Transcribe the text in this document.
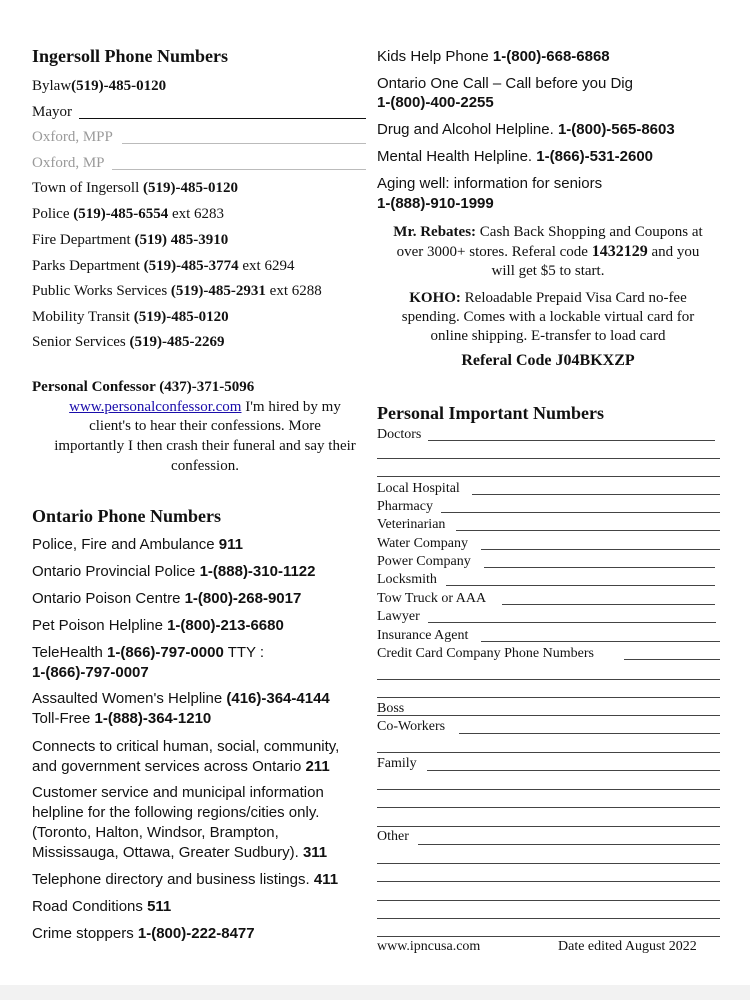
Ingersoll Phone Numbers
Bylaw(519)-485-0120
Mayor
Oxford, MPP
Oxford, MP
Town of Ingersoll (519)-485-0120
Police (519)-485-6554 ext 6283
Fire Department (519) 485-3910
Parks Department (519)-485-3774 ext 6294
Public Works Services (519)-485-2931 ext 6288
Mobility Transit (519)-485-0120
Senior Services (519)-485-2269
Personal Confessor (437)-371-5096
www.personalconfessor.com I'm hired by my
client's to hear their confessions. More
importantly I then crash their funeral and say their
confession.
Ontario Phone Numbers
Police, Fire and Ambulance 911
Ontario Provincial Police 1-(888)-310-1122
Ontario Poison Centre 1-(800)-268-9017
Pet Poison Helpline 1-(800)-213-6680
TeleHealth 1-(866)-797-0000 TTY :
1-(866)-797-0007
Assaulted Women's Helpline (416)-364-4144
Toll-Free 1-(888)-364-1210
Connects to critical human, social, community,
and government services across Ontario 211
Customer service and municipal information
helpline for the following regions/cities only.
(Toronto, Halton, Windsor, Brampton,
Mississauga, Ottawa, Greater Sudbury). 311
Telephone directory and business listings. 411
Road Conditions 511
Crime stoppers 1-(800)-222-8477
Kids Help Phone 1-(800)-668-6868
Ontario One Call – Call before you Dig
1-(800)-400-2255
Drug and Alcohol Helpline. 1-(800)-565-8603
Mental Health Helpline. 1-(866)-531-2600
Aging well: information for seniors
1-(888)-910-1999
Mr. Rebates: Cash Back Shopping and Coupons at
over 3000+ stores. Referal code 1432129 and you
will get $5 to start.
KOHO: Reloadable Prepaid Visa Card no-fee
spending. Comes with a lockable virtual card for
online shipping. E-transfer to load card
Referal Code J04BKXZP
Personal Important Numbers
Doctors
Local Hospital
Pharmacy
Veterinarian
Water Company
Power Company
Locksmith
Tow Truck or AAA
Lawyer
Insurance Agent
Credit Card Company Phone Numbers
Boss
Co-Workers
Family
Other
www.ipncusa.com	Date edited August 2022
